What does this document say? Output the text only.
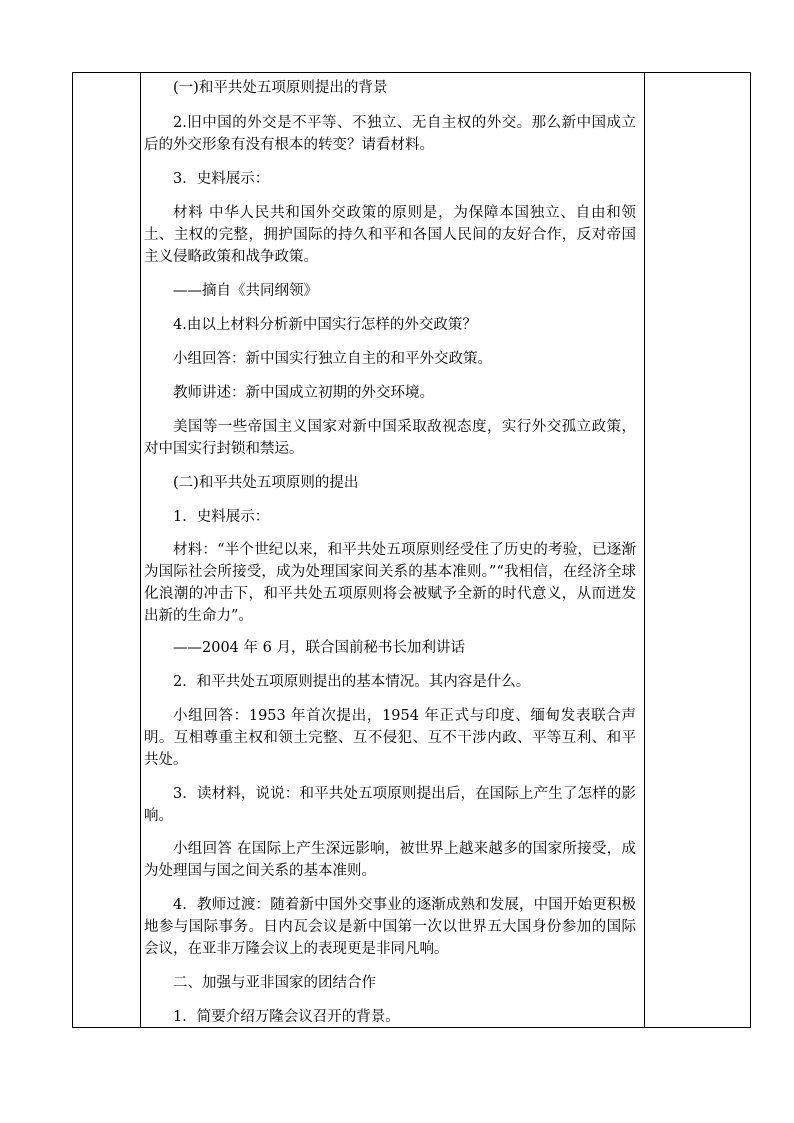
(一)和平共处五项原则提出的背景

2.旧中国的外交是不平等、不独立、无自主权的外交。那么新中国成立后的外交形象有没有根本的转变？请看材料。

3．史料展示：

材料 中华人民共和国外交政策的原则是，为保障本国独立、自由和领土、主权的完整，拥护国际的持久和平和各国人民间的友好合作，反对帝国主义侵略政策和战争政策。

——摘自《共同纲领》

4.由以上材料分析新中国实行怎样的外交政策？

小组回答：新中国实行独立自主的和平外交政策。

教师讲述：新中国成立初期的外交环境。

美国等一些帝国主义国家对新中国采取敌视态度，实行外交孤立政策，对中国实行封锁和禁运。

(二)和平共处五项原则的提出

1．史料展示：

材料：“半个世纪以来，和平共处五项原则经受住了历史的考验，已逐渐为国际社会所接受，成为处理国家间关系的基本准则。”“我相信，在经济全球化浪潮的冲击下，和平共处五项原则将会被赋予全新的时代意义，从而迸发出新的生命力”。

——2004 年 6 月，联合国前秘书长加利讲话

2．和平共处五项原则提出的基本情况。其内容是什么。

小组回答：1953 年首次提出，1954 年正式与印度、缅甸发表联合声明。互相尊重主权和领土完整、互不侵犯、互不干涉内政、平等互利、和平共处。

3．读材料，说说：和平共处五项原则提出后，在国际上产生了怎样的影响。

小组回答 在国际上产生深远影响，被世界上越来越多的国家所接受，成为处理国与国之间关系的基本准则。

4．教师过渡：随着新中国外交事业的逐渐成熟和发展，中国开始更积极地参与国际事务。日内瓦会议是新中国第一次以世界五大国身份参加的国际会议，在亚非万隆会议上的表现更是非同凡响。

二、加强与亚非国家的团结合作

1．简要介绍万隆会议召开的背景。
